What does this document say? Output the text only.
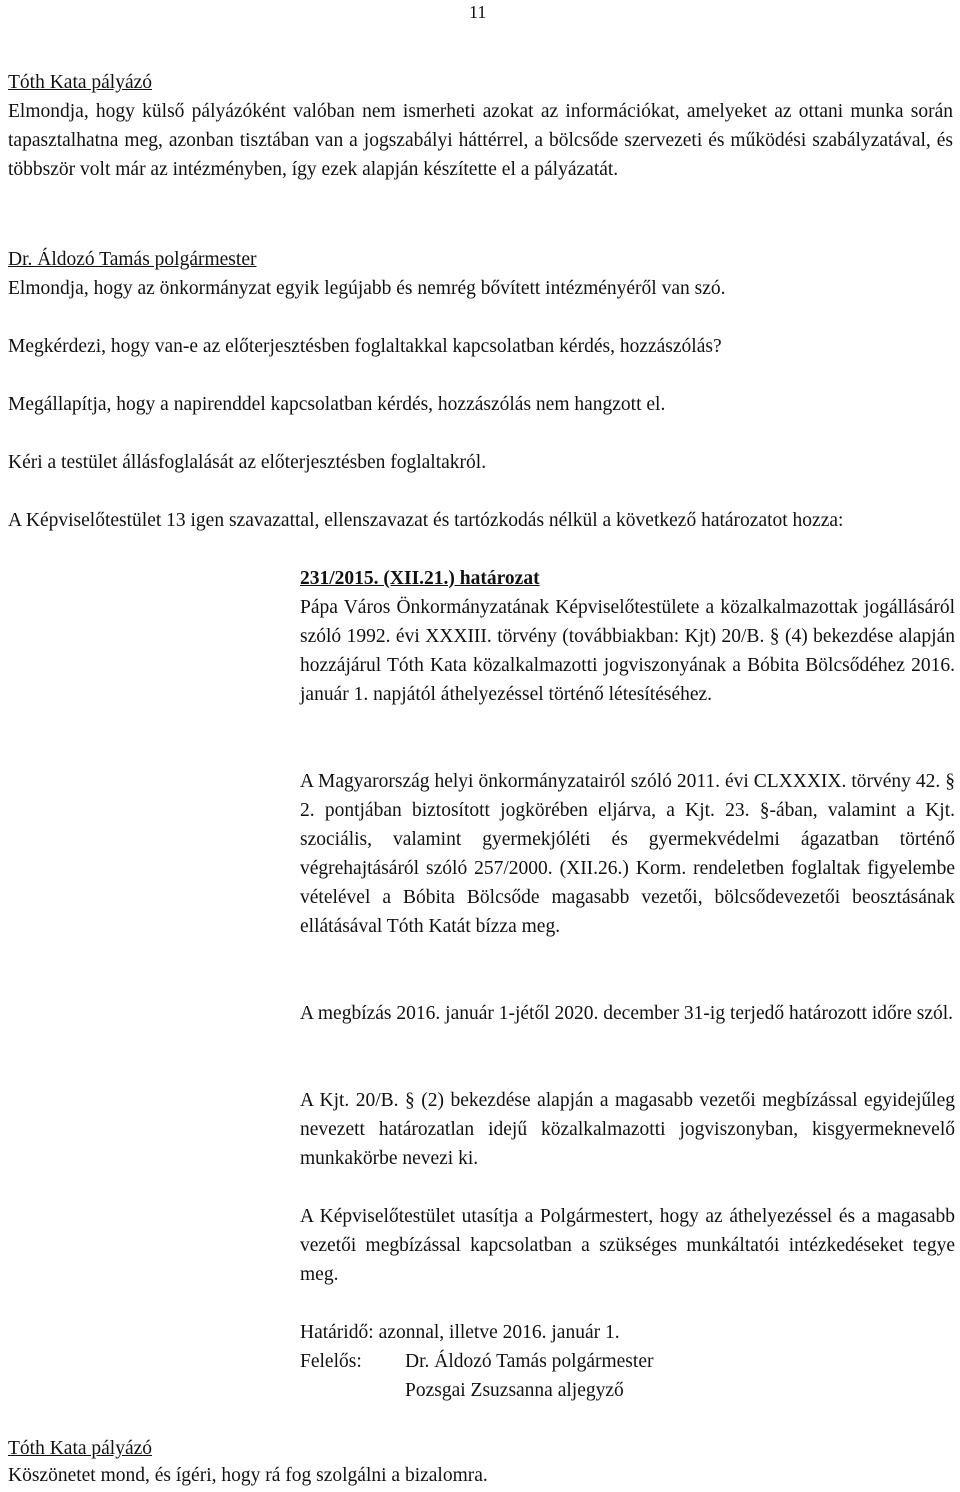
11

Tóth Kata pályázó

Elmondja, hogy külső pályázóként valóban nem ismerheti azokat az információkat, amelyeket az ottani munka során tapasztalhatna meg, azonban tisztában van a jogszabályi háttérrel, a bölcsőde szervezeti és működési szabályzatával, és többször volt már az intézményben, így ezek alapján készítette el a pályázatát.

Dr. Áldozó Tamás polgármester

Elmondja, hogy az önkormányzat egyik legújabb és nemrég bővített intézményéről van szó.

Megkérdezi, hogy van-e az előterjesztésben foglaltakkal kapcsolatban kérdés, hozzászólás?

Megállapítja, hogy a napirenddel kapcsolatban kérdés, hozzászólás nem hangzott el.

Kéri a testület állásfoglalását az előterjesztésben foglaltakról.

A Képviselőtestület 13 igen szavazattal, ellenszavazat és tartózkodás nélkül a következő határozatot hozza:

231/2015. (XII.21.) határozat

Pápa Város Önkormányzatának Képviselőtestülete a közalkalmazottak jogállásáról szóló 1992. évi XXXIII. törvény (továbbiakban: Kjt) 20/B. § (4) bekezdése alapján hozzájárul Tóth Kata közalkalmazotti jogviszonyának a Bóbita Bölcsődéhez 2016. január 1. napjától áthelyezéssel történő létesítéséhez.

A Magyarország helyi önkormányzatairól szóló 2011. évi CLXXXIX. törvény 42. § 2. pontjában biztosított jogkörében eljárva, a Kjt. 23. §-ában, valamint a Kjt. szociális, valamint gyermekjóléti és gyermekvédelmi ágazatban történő végrehajtásáról szóló 257/2000. (XII.26.) Korm. rendeletben foglaltak figyelembe vételével a Bóbita Bölcsőde magasabb vezetői, bölcsődevezetői beosztásának ellátásával Tóth Katát bízza meg.

A megbízás 2016. január 1-jétől 2020. december 31-ig terjedő határozott időre szól.

A Kjt. 20/B. § (2) bekezdése alapján a magasabb vezetői megbízással egyidejűleg nevezett határozatlan idejű közalkalmazotti jogviszonyban, kisgyermeknevelő munkakörbe nevezi ki.

A Képviselőtestület utasítja a Polgármestert, hogy az áthelyezéssel és a magasabb vezetői megbízással kapcsolatban a szükséges munkáltatói intézkedéseket tegye meg.

Határidő: azonnal, illetve 2016. január 1.
Felelős:	Dr. Áldozó Tamás polgármester
Pozsgai Zsuzsanna aljegyző

Tóth Kata pályázó

Köszönetet mond, és ígéri, hogy rá fog szolgálni a bizalomra.
